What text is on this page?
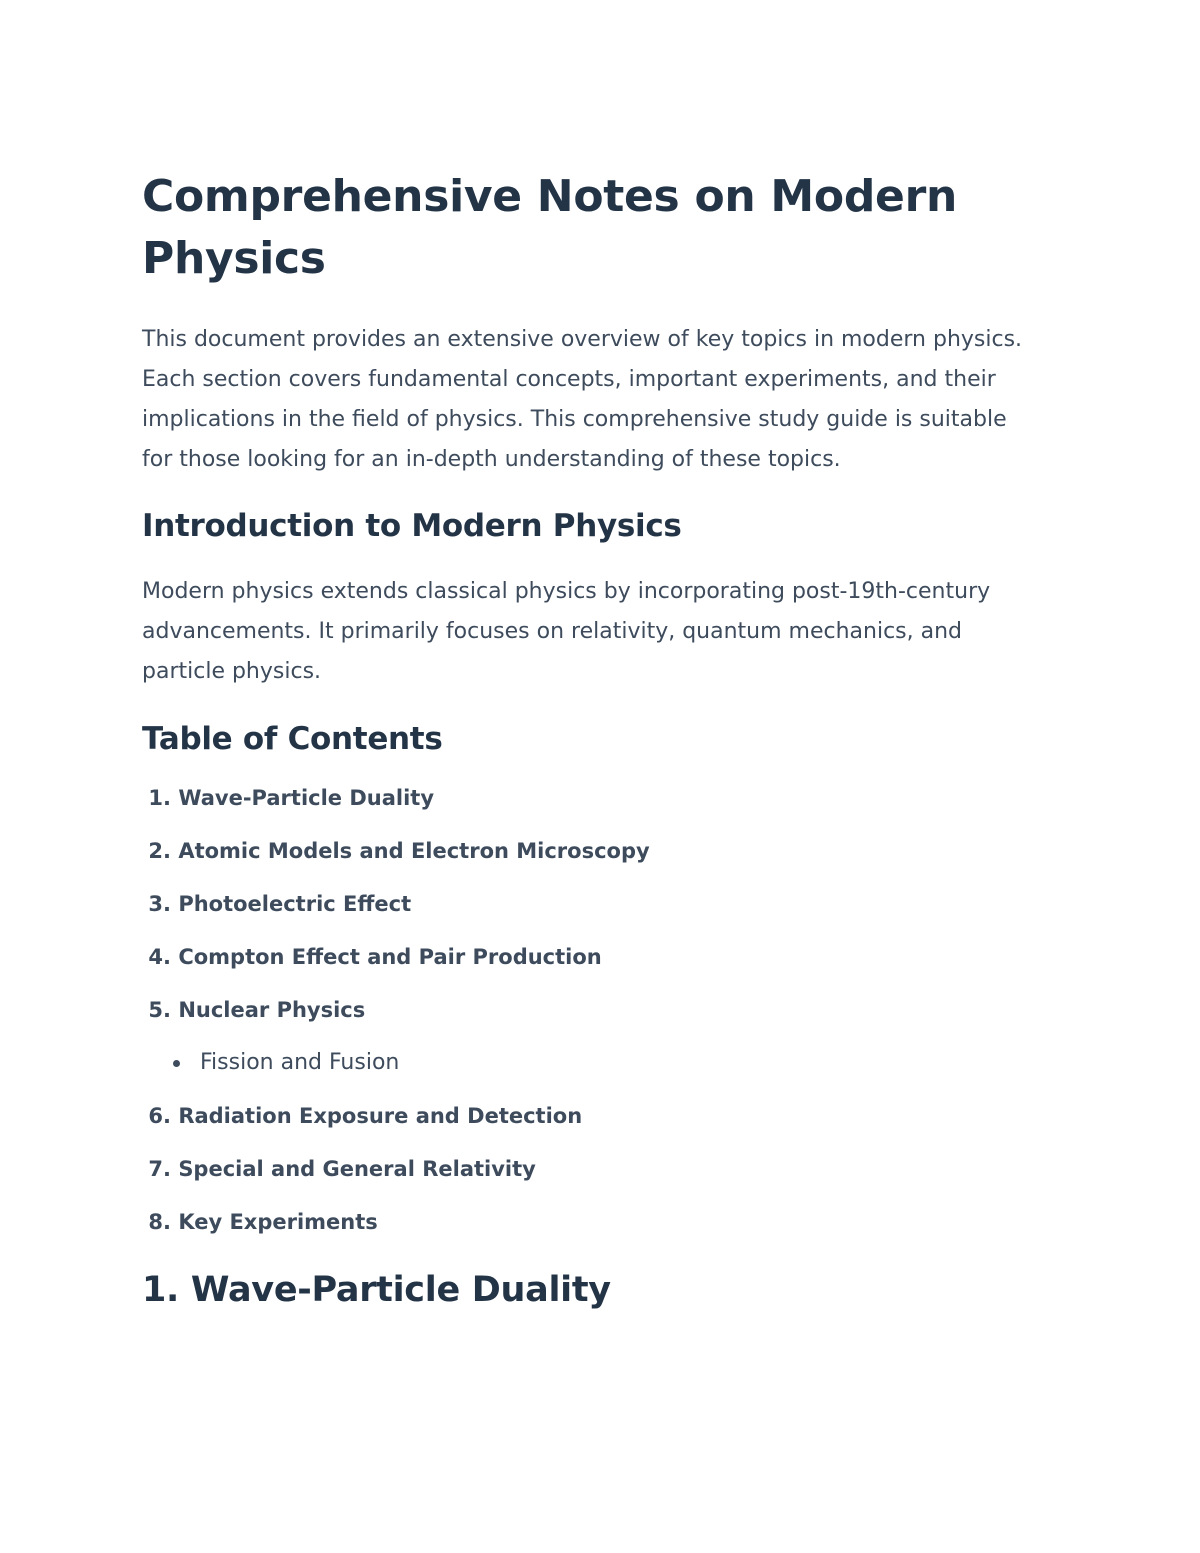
Comprehensive Notes on Modern Physics

This document provides an extensive overview of key topics in modern physics. Each section covers fundamental concepts, important experiments, and their implications in the field of physics. This comprehensive study guide is suitable for those looking for an in-depth understanding of these topics.

Introduction to Modern Physics

Modern physics extends classical physics by incorporating post-19th-century advancements. It primarily focuses on relativity, quantum mechanics, and particle physics.

Table of Contents
1. Wave-Particle Duality
2. Atomic Models and Electron Microscopy
3. Photoelectric Effect
4. Compton Effect and Pair Production
5. Nuclear Physics
Fission and Fusion
6. Radiation Exposure and Detection
7. Special and General Relativity
8. Key Experiments
1. Wave-Particle Duality
